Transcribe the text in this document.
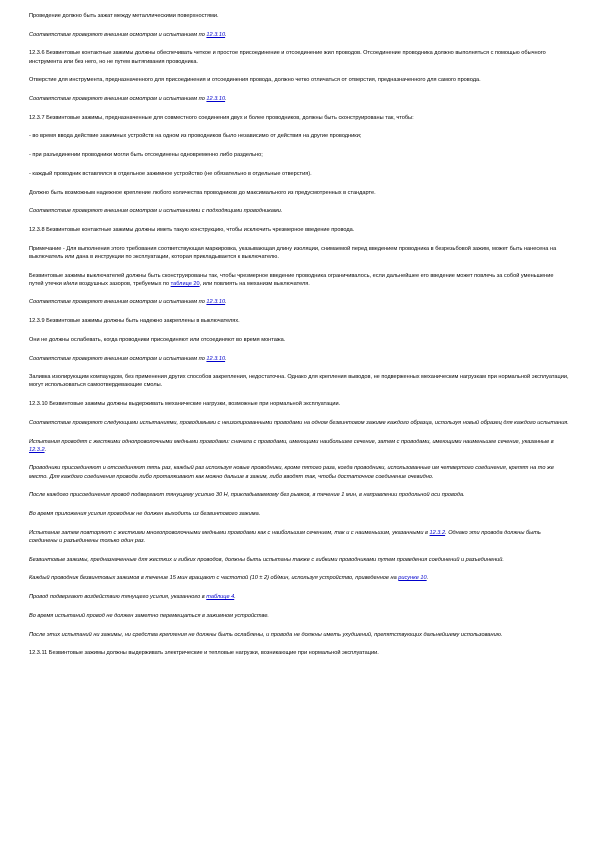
Проведение должно быть зажат между металлическими поверхностями.

Соответствие проверяют внешним осмотром и испытанием по 12.3.10.

12.3.6 Безвинтовые контактные зажимы должны обеспечивать четкое и простое присоединение и отсоединение жил проводов. Отсоединение проводника должно выполняться с помощью обычного инструмента или без него, но не путем вытягивания проводника.

Отверстие для инструмента, предназначенного для присоединения и отсоединения провода, должно четко отличаться от отверстия, предназначенного для самого провода.

Соответствие проверяют внешним осмотром и испытанием по 12.3.10.

12.3.7 Безвинтовые зажимы, предназначенные для совместного соединения двух и более проводников, должны быть сконструированы так, чтобы:

- во время ввода действие зажимных устройств на одном из проводников было независимо от действия на другие проводники;

- при разъединении проводники могли быть отсоединены одновременно либо раздельно;

- каждый проводник вставлялся в отдельное зажимное устройство (не обязательно в отдельные отверстия).

Должно быть возможным надежное крепление любого количества проводников до максимального из предусмотренных в стандарте.

Соответствие проверяют внешним осмотром и испытаниями с подходящими проводниками.

12.3.8 Безвинтовые контактные зажимы должны иметь такую конструкцию, чтобы исключить чрезмерное введение провода.

Примечание - Для выполнения этого требования соответствующая маркировка, указывающая длину изоляции, снимаемой перед введением проводника в безрезьбовой зажим, может быть нанесена на выключатель или дана в инструкции по эксплуатации, которая прикладывается к выключателю.

Безвинтовые зажимы выключателей должны быть сконструированы так, чтобы чрезмерное введение проводника ограничивалось, если дальнейшее его введение может повлечь за собой уменьшение путей утечки и/или воздушных зазоров, требуемых по таблице 20, или повлиять на механизм выключателя.

Соответствие проверяют внешним осмотром и испытанием по 12.3.10.

12.3.9 Безвинтовые зажимы должны быть надежно закреплены в выключателях.

Они не должны ослабевать, когда проводники присоединяют или отсоединяют во время монтажа.

Соответствие проверяют внешним осмотром и испытанием по 12.3.10.

Заливка изолирующим компаундом, без применения других способов закрепления, недостаточна. Однако для крепления выводов, не подверженных механическим нагрузкам при нормальной эксплуатации, могут использоваться самоотвердевающие смолы.

12.3.10 Безвинтовые зажимы должны выдерживать механические нагрузки, возможные при нормальной эксплуатации.

Соответствие проверяют следующими испытаниями, проводимыми с неизолированными проводами на одном безвинтовом зажиме каждого образца, используя новый образец для каждого испытания.

Испытания проводят с жесткими однопроволочными медными проводами: сначала с проводами, имеющими наибольшее сечение, затем с проводами, имеющими наименьшее сечение, указанные в 12.3.2.

Проводники присоединяют и отсоединяют пять раз, каждый раз используя новые проводники, кроме пятого раза, когда проводники, использованные им четвертого соединения, крепят на то же место. Для каждого соединения провода либо проталкивают как можно дальше в зажим, либо вводят так, чтобы достаточное соединение очевидно.

После каждого присоединения провод подвергают тянущему усилию 30 Н, прикладываемому без рывков, в течение 1 мин, в направлении продольной оси провода.

Во время приложения усилия проводник не должен выходить из безвинтового зажима.

Испытание затем повторяют с жесткими многопроволочными медными проводами как с наибольшим сечением, так и с наименьшим, указанными в 12.3.2. Однако эти провода должны быть соединены и разъединены только один раз.

Безвинтовые зажимы, предназначенные для жестких и гибких проводов, должны быть испытаны также с гибкими проводниками путем проведения соединений и разъединений.

Каждый проводник безвинтовых зажимов в течение 15 мин вращают с частотой (10 ± 2) об/мин, используя устройство, приведенное на рисунке 10.

Провод подвергают воздействию тянущего усилия, указанного в таблице 4.

Во время испытаний провод не должен заметно перемещаться в зажимном устройстве.

После этих испытаний ни зажимы, ни средства крепления не должны быть ослаблены, и провода не должны иметь ухудшений, препятствующих дальнейшему использованию.

12.3.11 Безвинтовые зажимы должны выдерживать электрические и тепловые нагрузки, возникающие при нормальной эксплуатации.
